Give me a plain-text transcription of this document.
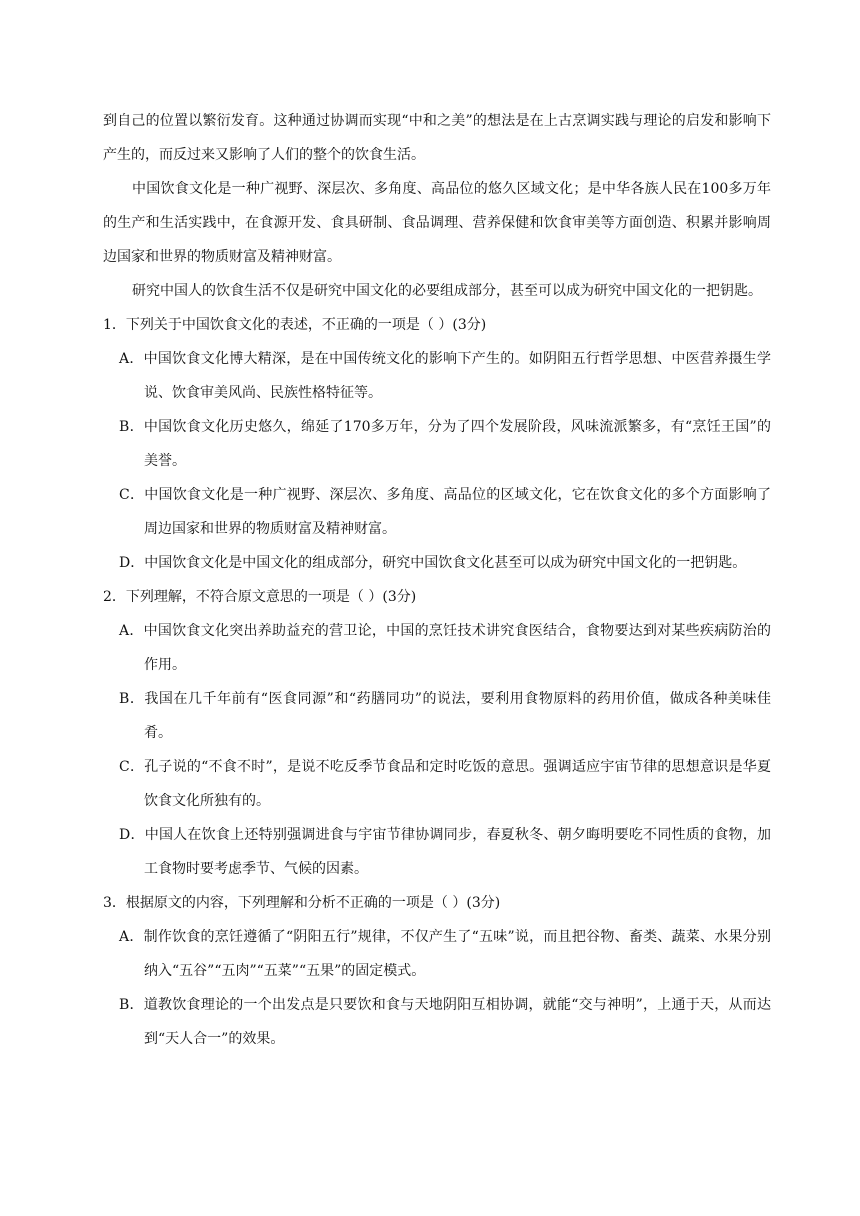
到自己的位置以繁衍发育。这种通过协调而实现“中和之美”的想法是在上古烹调实践与理论的启发和影响下产生的，而反过来又影响了人们的整个的饮食生活。

中国饮食文化是一种广视野、深层次、多角度、高品位的悠久区域文化；是中华各族人民在100多万年的生产和生活实践中，在食源开发、食具研制、食品调理、营养保健和饮食审美等方面创造、积累并影响周边国家和世界的物质财富及精神财富。

研究中国人的饮食生活不仅是研究中国文化的必要组成部分，甚至可以成为研究中国文化的一把钥匙。

1．下列关于中国饮食文化的表述，不正确的一项是（ ）(3分)

A．中国饮食文化博大精深，是在中国传统文化的影响下产生的。如阴阳五行哲学思想、中医营养摄生学说、饮食审美风尚、民族性格特征等。

B．中国饮食文化历史悠久，绵延了170多万年，分为了四个发展阶段，风味流派繁多，有“烹饪王国”的美誉。

C．中国饮食文化是一种广视野、深层次、多角度、高品位的区域文化，它在饮食文化的多个方面影响了周边国家和世界的物质财富及精神财富。

D．中国饮食文化是中国文化的组成部分，研究中国饮食文化甚至可以成为研究中国文化的一把钥匙。

2．下列理解，不符合原文意思的一项是（ ）(3分)

A．中国饮食文化突出养助益充的营卫论，中国的烹饪技术讲究食医结合，食物要达到对某些疾病防治的作用。

B．我国在几千年前有“医食同源”和“药膳同功”的说法，要利用食物原料的药用价值，做成各种美味佳肴。

C．孔子说的“不食不时”，是说不吃反季节食品和定时吃饭的意思。强调适应宇宙节律的思想意识是华夏饮食文化所独有的。

D．中国人在饮食上还特别强调进食与宇宙节律协调同步，春夏秋冬、朝夕晦明要吃不同性质的食物，加工食物时要考虑季节、气候的因素。

3．根据原文的内容，下列理解和分析不正确的一项是（ ）(3分)

A．制作饮食的烹饪遵循了“阴阳五行”规律，不仅产生了“五味”说，而且把谷物、畜类、蔬菜、水果分别纳入“五谷”“五肉”“五菜”“五果”的固定模式。

B．道教饮食理论的一个出发点是只要饮和食与天地阴阳互相协调，就能“交与神明”，上通于天，从而达到“天人合一”的效果。
